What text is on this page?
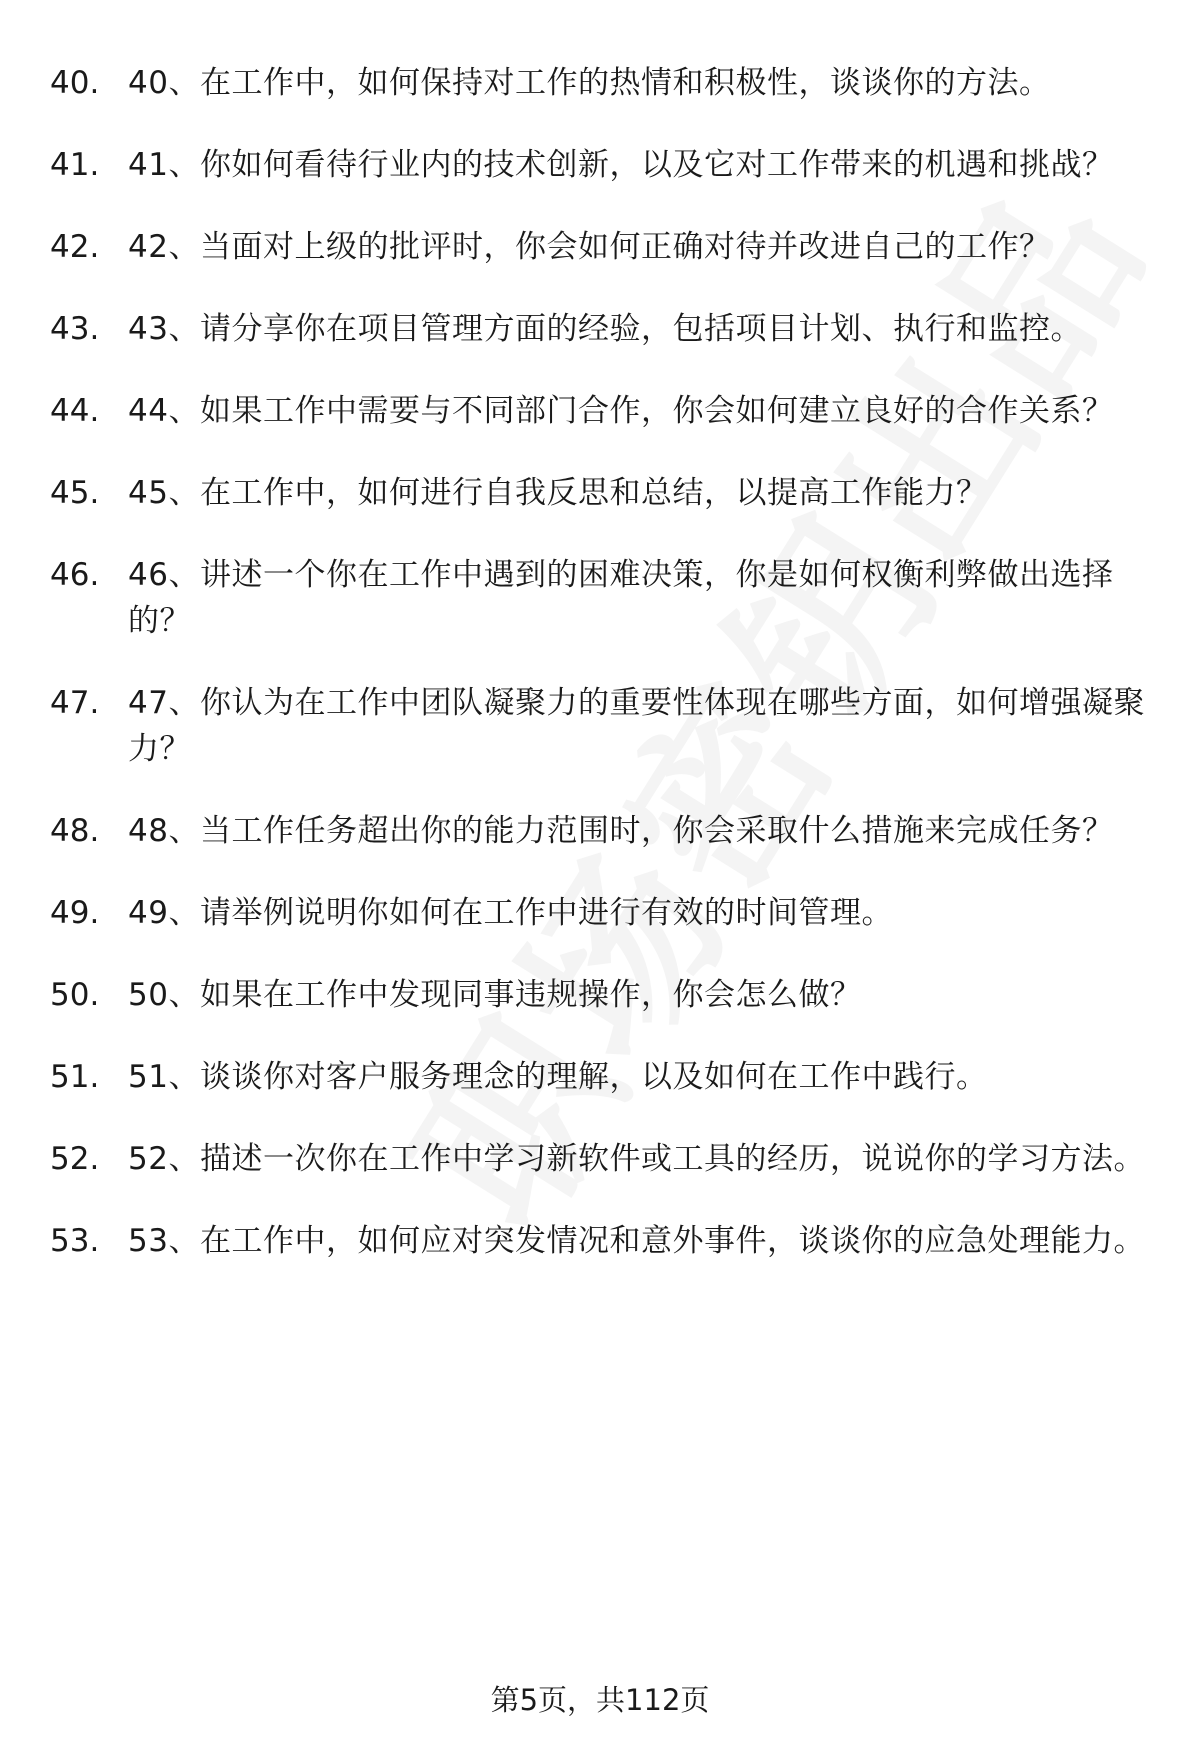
40. 40、在工作中，如何保持对工作的热情和积极性，谈谈你的方法。
41. 41、你如何看待行业内的技术创新，以及它对工作带来的机遇和挑战？
42. 42、当面对上级的批评时，你会如何正确对待并改进自己的工作？
43. 43、请分享你在项目管理方面的经验，包括项目计划、执行和监控。
44. 44、如果工作中需要与不同部门合作，你会如何建立良好的合作关系？
45. 45、在工作中，如何进行自我反思和总结，以提高工作能力？
46. 46、讲述一个你在工作中遇到的困难决策，你是如何权衡利弊做出选择的？
47. 47、你认为在工作中团队凝聚力的重要性体现在哪些方面，如何增强凝聚力？
48. 48、当工作任务超出你的能力范围时，你会采取什么措施来完成任务？
49. 49、请举例说明你如何在工作中进行有效的时间管理。
50. 50、如果在工作中发现同事违规操作，你会怎么做？
51. 51、谈谈你对客户服务理念的理解，以及如何在工作中践行。
52. 52、描述一次你在工作中学习新软件或工具的经历，说说你的学习方法。
53. 53、在工作中，如何应对突发情况和意外事件，谈谈你的应急处理能力。
第5页，共112页
